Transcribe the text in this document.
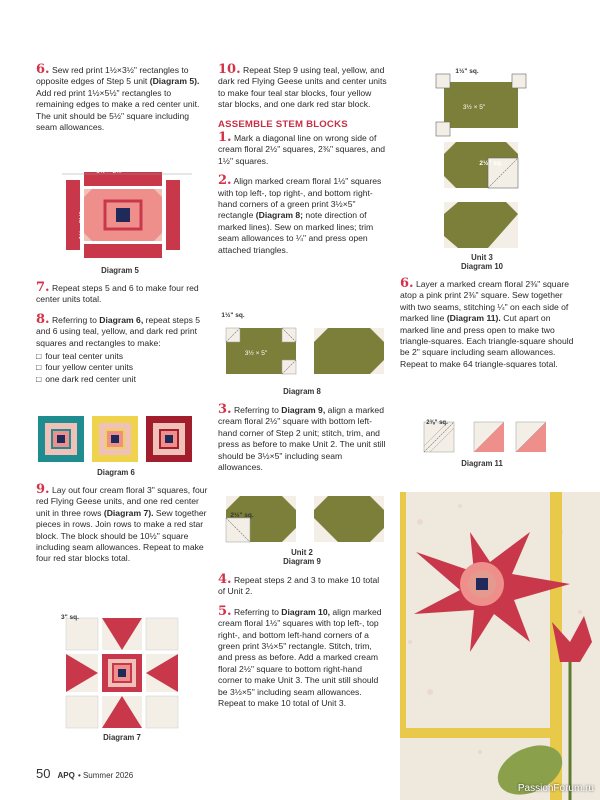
6. Sew red print 1½×3½" rectangles to opposite edges of Step 5 unit (Diagram 5). Add red print 1½×5½" rectangles to remaining edges to make a red center unit. The unit should be 5½" square including seam allowances.

1½ × 3½"
1½ × 5½"
Diagram 5

7. Repeat steps 5 and 6 to make four red center units total.

8. Referring to Diagram 6, repeat steps 5 and 6 using teal, yellow, and dark red print squares and rectangles to make:

□ four teal center units
□ four yellow center units
□ one dark red center unit
Diagram 6

9. Lay out four cream floral 3" squares, four red Flying Geese units, and one red center unit in three rows (Diagram 7). Sew together pieces in rows. Join rows to make a red star block. The block should be 10½" square including seam allowances. Repeat to make four red star blocks total.

3" sq.
Diagram 7

10. Repeat Step 9 using teal, yellow, and dark red Flying Geese units and center units to make four teal star blocks, four yellow star blocks, and one dark red star block.

ASSEMBLE STEM BLOCKS

1. Mark a diagonal line on wrong side of cream floral 2½" squares, 2⅜" squares, and 1½" squares.

2. Align marked cream floral 1½" squares with top left-, top right-, and bottom right-hand corners of a green print 3½×5" rectangle (Diagram 8; note direction of marked lines). Sew on marked lines; trim seam allowances to ¼" and press open attached triangles.

1½" sq.
3½ × 5"
Diagram 8

3. Referring to Diagram 9, align a marked cream floral 2½" square with bottom left-hand corner of Step 2 unit; stitch, trim, and press as before to make Unit 2. The unit still should be 3½×5" including seam allowances.

2½" sq.
Unit 2
Diagram 9

4. Repeat steps 2 and 3 to make 10 total of Unit 2.

5. Referring to Diagram 10, align marked cream floral 1½" squares with top left-, top right-, and bottom left-hand corners of a green print 3½×5" rectangle. Stitch, trim, and press as before. Add a marked cream floral 2½" square to bottom right-hand corner to make Unit 3. The unit still should be 3½×5" including seam allowances. Repeat to make 10 total of Unit 3.

1½" sq.
3½ × 5"
2½" sq.
Unit 3
Diagram 10

6. Layer a marked cream floral 2⅜" square atop a pink print 2⅜" square. Sew together with two seams, stitching ¼" on each side of marked line (Diagram 11). Cut apart on marked line and press open to make two triangle-squares. Each triangle-square should be 2" square including seam allowances. Repeat to make 64 triangle-squares total.

2⅜" sq.
Diagram 11
50 APQ • Summer 2026
PassionForum.ru
